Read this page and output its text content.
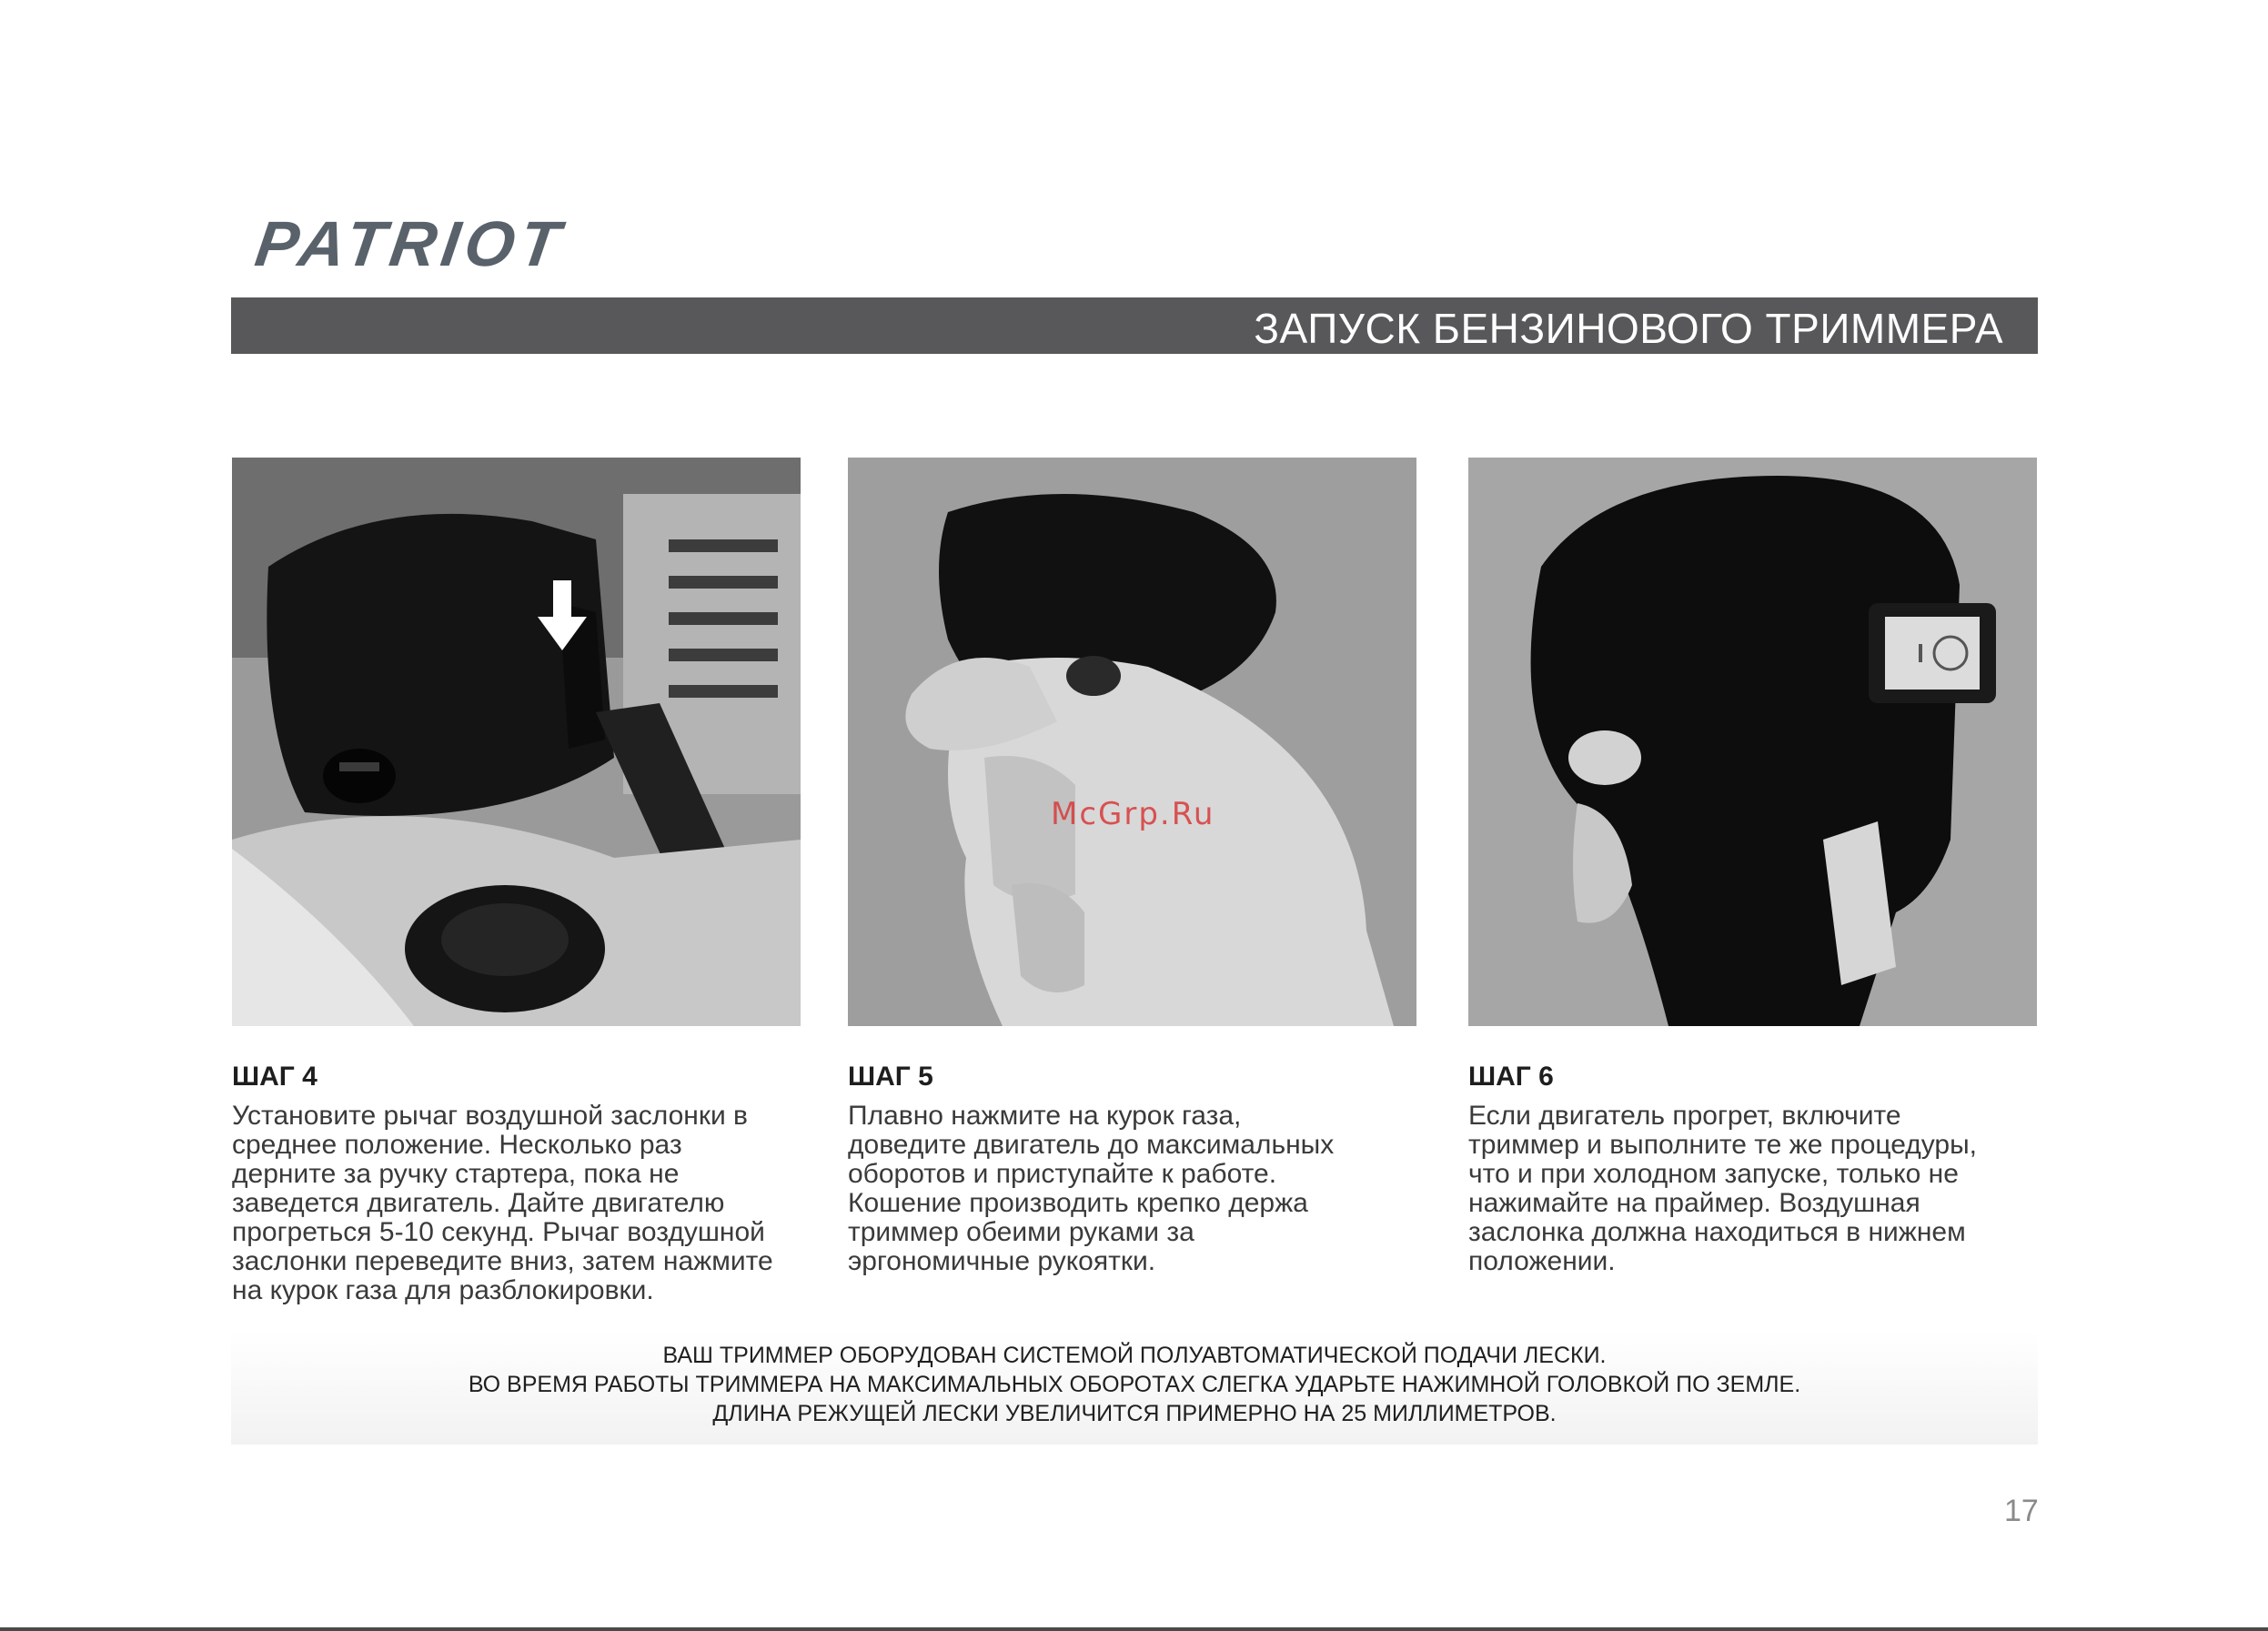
PATRIOT
ЗАПУСК БЕНЗИНОВОГО ТРИММЕРА
McGrp.Ru
ШАГ 4
Установите рычаг воздушной заслонки в
среднее положение. Несколько раз
дерните за ручку стартера, пока не
заведется двигатель. Дайте двигателю
прогреться 5-10 секунд. Рычаг воздушной
заслонки переведите вниз, затем нажмите
на курок газа для разблокировки.
ШАГ 5
Плавно нажмите на курок газа,
доведите двигатель до максимальных
оборотов и приступайте к работе.
Кошение производить крепко держа
триммер обеими руками за
эргономичные рукоятки.
ШАГ 6
Если двигатель прогрет, включите
триммер и выполните те же процедуры,
что и при холодном запуске, только не
нажимайте на праймер. Воздушная
заслонка должна находиться в нижнем
положении.
ВАШ ТРИММЕР ОБОРУДОВАН СИСТЕМОЙ ПОЛУАВТОМАТИЧЕСКОЙ ПОДАЧИ ЛЕСКИ.
ВО ВРЕМЯ РАБОТЫ ТРИММЕРА НА МАКСИМАЛЬНЫХ ОБОРОТАХ СЛЕГКА УДАРЬТЕ НАЖИМНОЙ ГОЛОВКОЙ ПО ЗЕМЛЕ.
ДЛИНА РЕЖУЩЕЙ ЛЕСКИ УВЕЛИЧИТСЯ ПРИМЕРНО НА 25 МИЛЛИМЕТРОВ.
17
